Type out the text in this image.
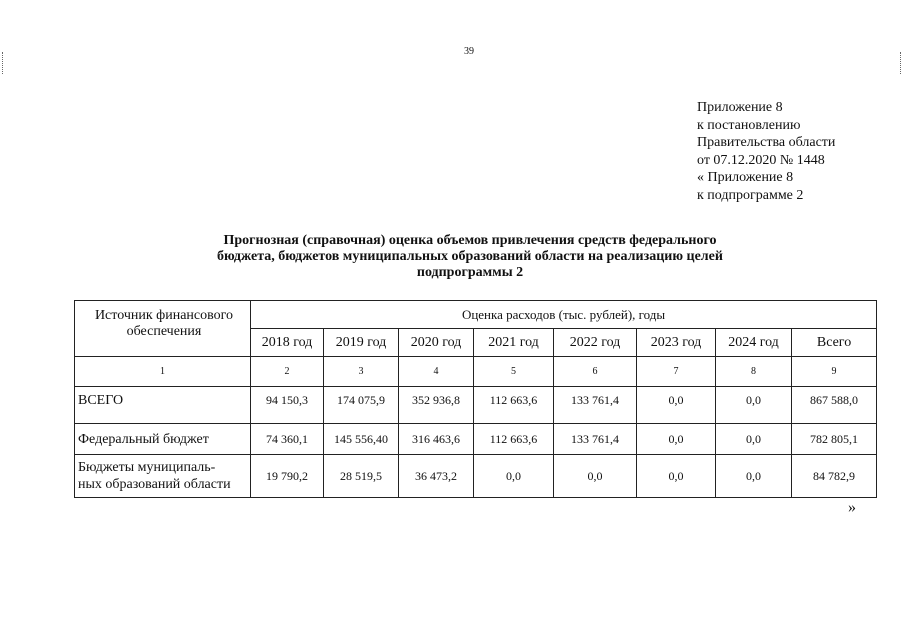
39
Приложение 8
к постановлению
Правительства области
от 07.12.2020 № 1448
« Приложение 8
к подпрограмме 2
Прогнозная (справочная) оценка объемов привлечения средств федерального
бюджета, бюджетов муниципальных образований области на реализацию целей
подпрограммы 2
Источник финансового обеспечения	Оценка расходов (тыс. рублей), годы							
	2018 год	2019 год	2020 год	2021 год	2022 год	2023 год	2024 год	Всего
1	2	3	4	5	6	7	8	9
ВСЕГО	94 150,3	174 075,9	352 936,8	112 663,6	133 761,4	0,0	0,0	867 588,0
Федеральный бюджет	74 360,1	145 556,40	316 463,6	112 663,6	133 761,4	0,0	0,0	782 805,1

Бюджеты муниципаль-
ных образований области	19 790,2	28 519,5	36 473,2	0,0	0,0	0,0	0,0	84 782,9
»
